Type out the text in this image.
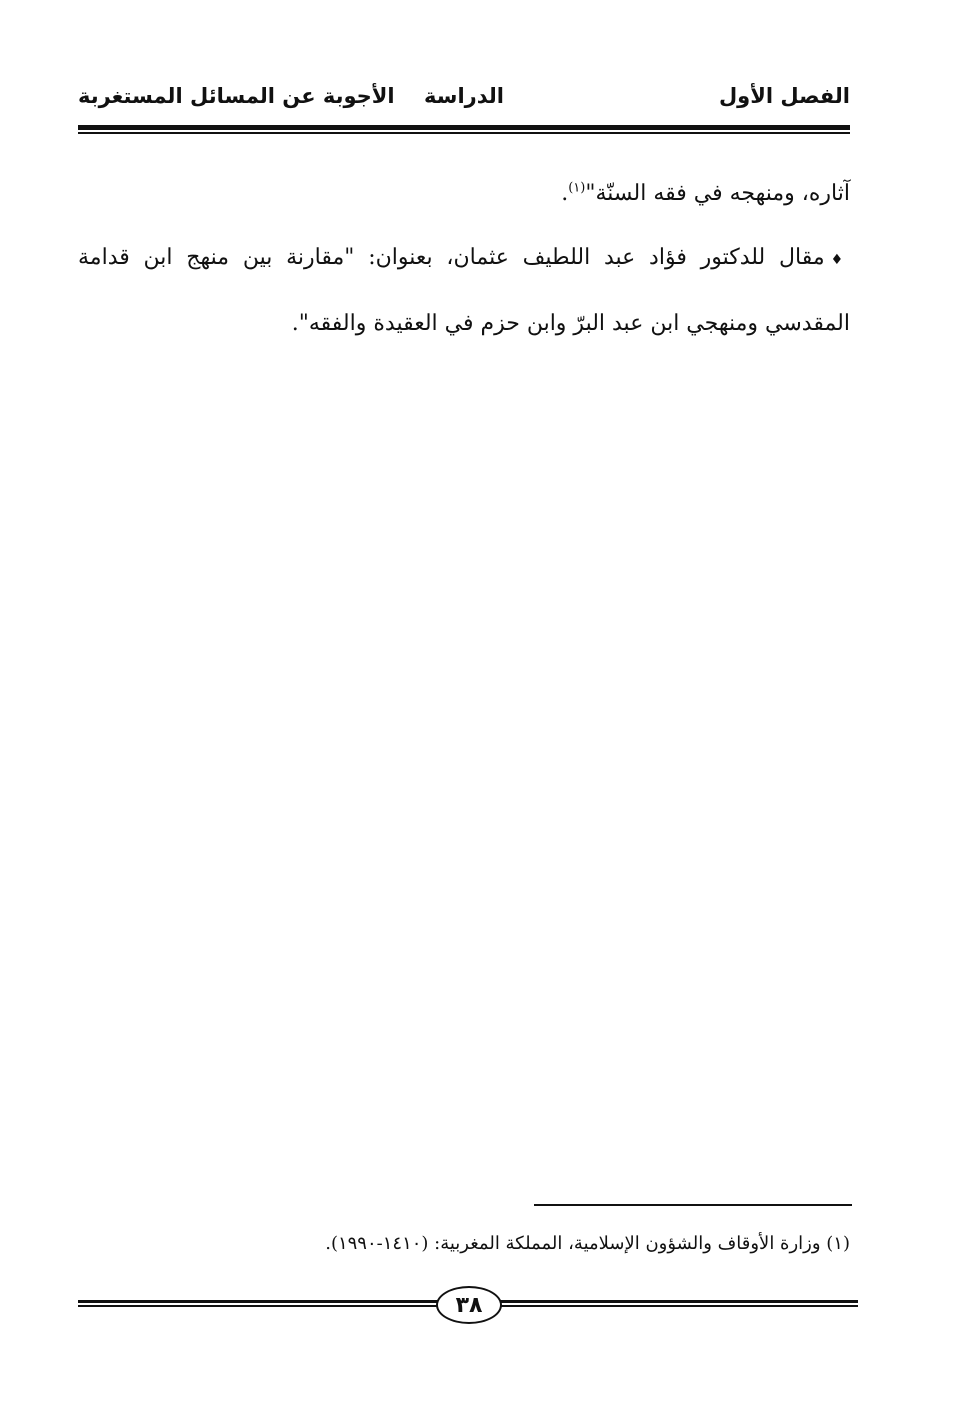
الفصل الأول
الدراسة
الأجوبة عن المسائل المستغربة

آثاره، ومنهجه في فقه السنّة"$^{(١)}$.

♦مقال للدكتور فؤاد عبد اللطيف عثمان، بعنوان: "مقارنة بين منهج ابن قدامة المقدسي ومنهجي ابن عبد البرّ وابن حزم في العقيدة والفقه".

(١) وزارة الأوقاف والشؤون الإسلامية، المملكة المغربية: (١٤١٠-١٩٩٠).
٣٨
